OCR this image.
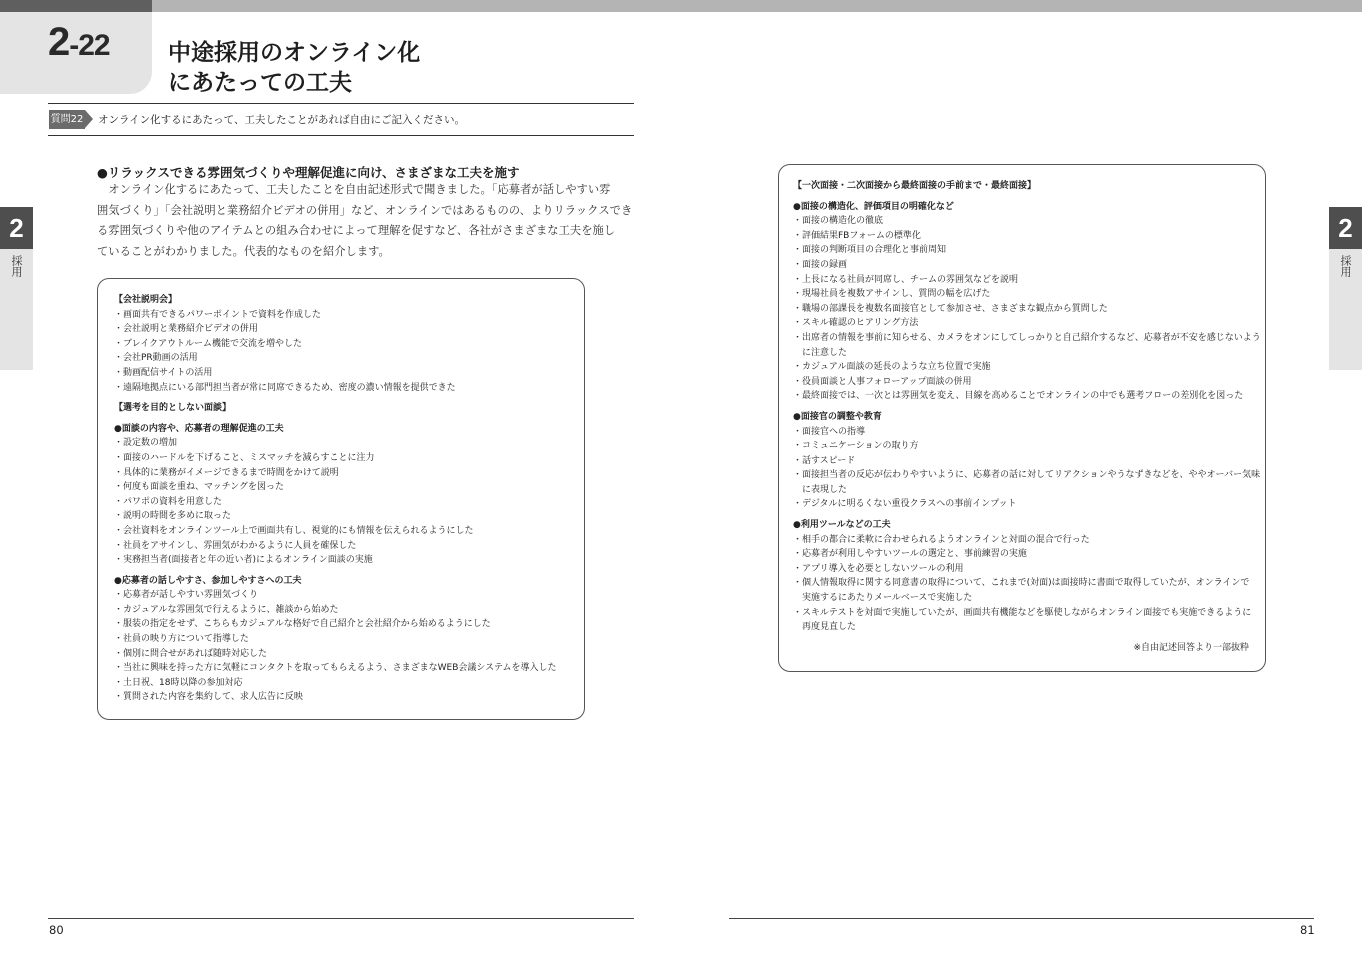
2-22	中途採用のオンライン化
にあたっての工夫
質問22 オンライン化するにあたって、工夫したことがあれば自由にご記入ください。
●リラックスできる雰囲気づくりや理解促進に向け、さまざまな工夫を施す
　オンライン化するにあたって、工夫したことを自由記述形式で聞きました。「応募者が話しやすい雰
囲気づくり」「会社説明と業務紹介ビデオの併用」など、オンラインではあるものの、よりリラックスでき
る雰囲気づくりや他のアイテムとの組み合わせによって理解を促すなど、各社がさまざまな工夫を施し
ていることがわかりました。代表的なものを紹介します。
【会社説明会】
・ 画面共有できるパワーポイントで資料を作成した
・ 会社説明と業務紹介ビデオの併用
・ ブレイクアウトルーム機能で交流を増やした
・ 会社PR動画の活用
・ 動画配信サイトの活用
・ 遠隔地拠点にいる部門担当者が常に同席できるため、密度の濃い情報を提供できた
【選考を目的としない面談】
●面談の内容や、応募者の理解促進の工夫
・ 設定数の増加
・ 面接のハードルを下げること、ミスマッチを減らすことに注力
・ 具体的に業務がイメージできるまで時間をかけて説明
・ 何度も面談を重ね、マッチングを図った
・ パワポの資料を用意した
・ 説明の時間を多めに取った
・ 会社資料をオンラインツール上で画面共有し、視覚的にも情報を伝えられるようにした
・ 社員をアサインし、雰囲気がわかるように人員を確保した
・ 実務担当者(面接者と年の近い者)によるオンライン面談の実施
●応募者の話しやすさ、参加しやすさへの工夫
・ 応募者が話しやすい雰囲気づくり
・ カジュアルな雰囲気で行えるように、雑談から始めた
・ 服装の指定をせず、こちらもカジュアルな格好で自己紹介と会社紹介から始めるようにした
・ 社員の映り方について指導した
・ 個別に問合せがあれば随時対応した
・ 当社に興味を持った方に気軽にコンタクトを取ってもらえるよう、さまざまなWEB会議システムを導入した
・ 土日祝、18時以降の参加対応
・ 質問された内容を集約して、求人広告に反映
【一次面接・二次面接から最終面接の手前まで・最終面接】
●面接の構造化、評価項目の明確化など
・ 面接の構造化の徹底
・ 評価結果FBフォームの標準化
・ 面接の判断項目の合理化と事前周知
・ 面接の録画
・ 上長になる社員が同席し、チームの雰囲気などを説明
・ 現場社員を複数アサインし、質問の幅を広げた
・ 職場の部課長を複数名面接官として参加させ、さまざまな観点から質問した
・ スキル確認のヒアリング方法
・ 出席者の情報を事前に知らせる、カメラをオンにしてしっかりと自己紹介するなど、応募者が不安を感じないよう
に注意した
・ カジュアル面談の延長のような立ち位置で実施
・ 役員面談と人事フォローアップ面談の併用
・ 最終面接では、一次とは雰囲気を変え、目線を高めることでオンラインの中でも選考フローの差別化を図った
●面接官の調整や教育
・ 面接官への指導
・ コミュニケーションの取り方
・ 話すスピード
・ 面接担当者の反応が伝わりやすいように、応募者の話に対してリアクションやうなずきなどを、ややオーバー気味
に表現した
・ デジタルに明るくない重役クラスへの事前インプット
●利用ツールなどの工夫
・ 相手の都合に柔軟に合わせられるようオンラインと対面の混合で行った
・ 応募者が利用しやすいツールの選定と、事前練習の実施
・ アプリ導入を必要としないツールの利用
・ 個人情報取得に関する同意書の取得について、これまで(対面)は面接時に書面で取得していたが、オンラインで
実施するにあたりメールベースで実施した
・ スキルテストを対面で実施していたが、画面共有機能などを駆使しながらオンライン面接でも実施できるように
再度見直した
※自由記述回答より一部抜粋
2
採用
2
採用
80	81
